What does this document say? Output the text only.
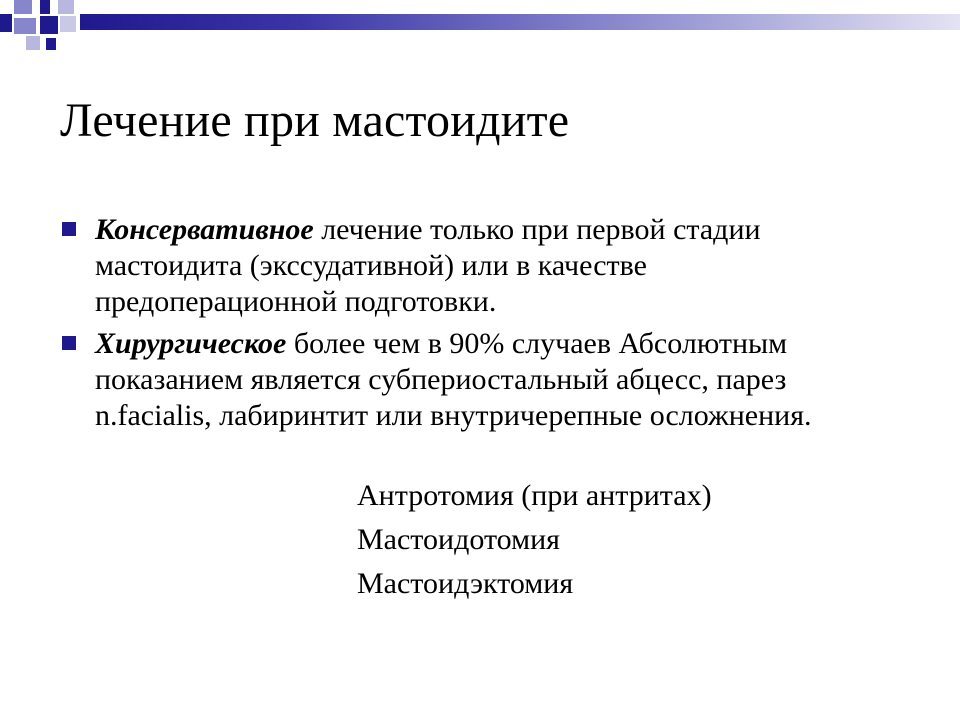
Лечение при мастоидите

Консервативное лечение только при первой стадии мастоидита (экссудативной) или в качестве предоперационной подготовки.

Хирургическое более чем в 90% случаев Абсолютным показанием является субпериостальный абцесс, парез n.facialis, лабиринтит или внутричерепные осложнения.

Антротомия (при антритах)

Мастоидотомия

Мастоидэктомия
